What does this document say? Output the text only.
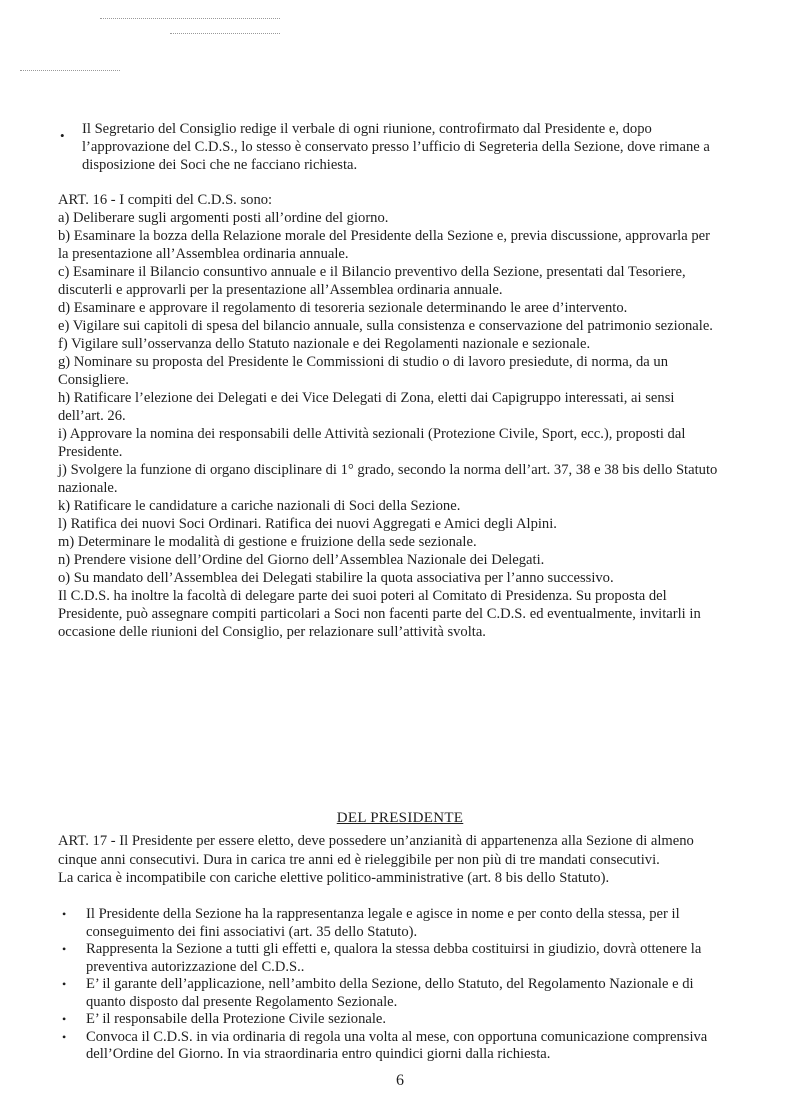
• Il Segretario del Consiglio redige il verbale di ogni riunione, controfirmato dal Presidente e, dopo l’approvazione del C.D.S., lo stesso è conservato presso l’ufficio di Segreteria della Sezione, dove rimane a disposizione dei Soci che ne facciano richiesta.

ART. 16 - I compiti del C.D.S. sono:

a) Deliberare sugli argomenti posti all’ordine del giorno.

b) Esaminare la bozza della Relazione morale del Presidente della Sezione e, previa discussione, approvarla per la presentazione all’Assemblea ordinaria annuale.

c) Esaminare il Bilancio consuntivo annuale e il Bilancio preventivo della Sezione, presentati dal Tesoriere, discuterli e approvarli per la presentazione all’Assemblea ordinaria annuale.

d) Esaminare e approvare il regolamento di tesoreria sezionale determinando le aree d’intervento.

e) Vigilare sui capitoli di spesa del bilancio annuale, sulla consistenza e conservazione del patrimonio sezionale.

f) Vigilare sull’osservanza dello Statuto nazionale e dei Regolamenti nazionale e sezionale.

g) Nominare su proposta del Presidente le Commissioni di studio o di lavoro presiedute, di norma, da un Consigliere.

h) Ratificare l’elezione dei Delegati e dei Vice Delegati di Zona, eletti dai Capigruppo interessati, ai sensi dell’art. 26.

i) Approvare la nomina dei responsabili delle Attività sezionali (Protezione Civile, Sport, ecc.), proposti dal Presidente.

j) Svolgere la funzione di organo disciplinare di 1° grado, secondo la norma dell’art. 37, 38 e 38 bis dello Statuto nazionale.

k) Ratificare le candidature a cariche nazionali di Soci della Sezione.

l) Ratifica dei nuovi Soci Ordinari. Ratifica dei nuovi Aggregati e Amici degli Alpini.

m) Determinare le modalità di gestione e fruizione della sede sezionale.

n) Prendere visione dell’Ordine del Giorno dell’Assemblea Nazionale dei Delegati.

o) Su mandato dell’Assemblea dei Delegati stabilire la quota associativa per l’anno successivo.

Il C.D.S. ha inoltre la facoltà di delegare parte dei suoi poteri al Comitato di Presidenza. Su proposta del Presidente, può assegnare compiti particolari a Soci non facenti parte del C.D.S. ed eventualmente, invitarli in occasione delle riunioni del Consiglio, per relazionare sull’attività svolta.

DEL PRESIDENTE

ART. 17 - Il Presidente per essere eletto, deve possedere un’anzianità di appartenenza alla Sezione di almeno cinque anni consecutivi. Dura in carica tre anni ed è rieleggibile per non più di tre mandati consecutivi.

La carica è incompatibile con cariche elettive politico-amministrative (art. 8 bis dello Statuto).

• Il Presidente della Sezione ha la rappresentanza legale e agisce in nome e per conto della stessa, per il conseguimento dei fini associativi (art. 35 dello Statuto).

• Rappresenta la Sezione a tutti gli effetti e, qualora la stessa debba costituirsi in giudizio, dovrà ottenere la preventiva autorizzazione del C.D.S..

• E’ il garante dell’applicazione, nell’ambito della Sezione, dello Statuto, del Regolamento Nazionale e di quanto disposto dal presente Regolamento Sezionale.

• E’ il responsabile della Protezione Civile sezionale.

• Convoca il C.D.S. in via ordinaria di regola una volta al mese, con opportuna comunicazione comprensiva dell’Ordine del Giorno. In via straordinaria entro quindici giorni dalla richiesta.

6
